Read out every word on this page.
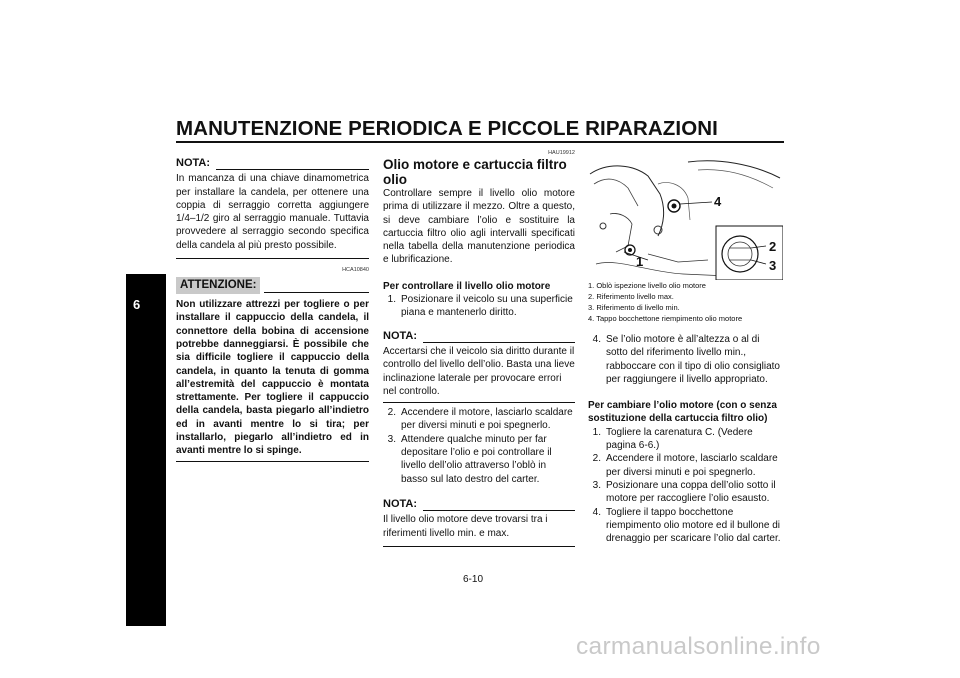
MANUTENZIONE PERIODICA E PICCOLE RIPARAZIONI
6
NOTA:

In mancanza di una chiave dinamometrica per installare la candela, per ottenere una coppia di serraggio corretta aggiungere 1/4–1/2 giro al serraggio manuale. Tuttavia provvedere al serraggio secondo specifica della candela al più presto possibile.

HCA10840
ATTENZIONE:

Non utilizzare attrezzi per togliere o per installare il cappuccio della candela, il connettore della bobina di accensione potrebbe danneggiarsi. È possibile che sia difficile togliere il cappuccio della candela, in quanto la tenuta di gomma all’estremità del cappuccio è montata strettamente. Per togliere il cappuccio della candela, basta piegarlo all’indietro ed in avanti mentre lo si tira; per installarlo, piegarlo all’indietro ed in avanti mentre lo si spinge.

HAU19912
Olio motore e cartuccia filtro olio

Controllare sempre il livello olio motore prima di utilizzare il mezzo. Oltre a questo, si deve cambiare l’olio e sostituire la cartuccia filtro olio agli intervalli specificati nella tabella della manutenzione periodica e lubrificazione.

Per controllare il livello olio motore

1. Posizionare il veicolo su una superficie piana e mantenerlo diritto.
NOTA:

Accertarsi che il veicolo sia diritto durante il controllo del livello dell’olio. Basta una lieve inclinazione laterale per provocare errori nel controllo.

2. Accendere il motore, lasciarlo scaldare per diversi minuti e poi spegnerlo.
3. Attendere qualche minuto per far depositare l’olio e poi controllare il livello dell’olio attraverso l’oblò in basso sul lato destro del carter.
NOTA:

Il livello olio motore deve trovarsi tra i riferimenti livello min. e max.

4
1
2
3
1. Oblò ispezione livello olio motore
2. Riferimento livello max.
3. Riferimento di livello min.
4. Tappo bocchettone riempimento olio motore
4. Se l’olio motore è all’altezza o al di sotto del riferimento livello min., rabboccare con il tipo di olio consigliato per raggiungere il livello appropriato.

Per cambiare l’olio motore (con o senza sostituzione della cartuccia filtro olio)

1. Togliere la carenatura C. (Vedere pagina 6-6.)
2. Accendere il motore, lasciarlo scaldare per diversi minuti e poi spegnerlo.
3. Posizionare una coppa dell’olio sotto il motore per raccogliere l’olio esausto.
4. Togliere il tappo bocchettone riempimento olio motore ed il bullone di drenaggio per scaricare l’olio dal carter.
6-10
carmanualsonline.info
